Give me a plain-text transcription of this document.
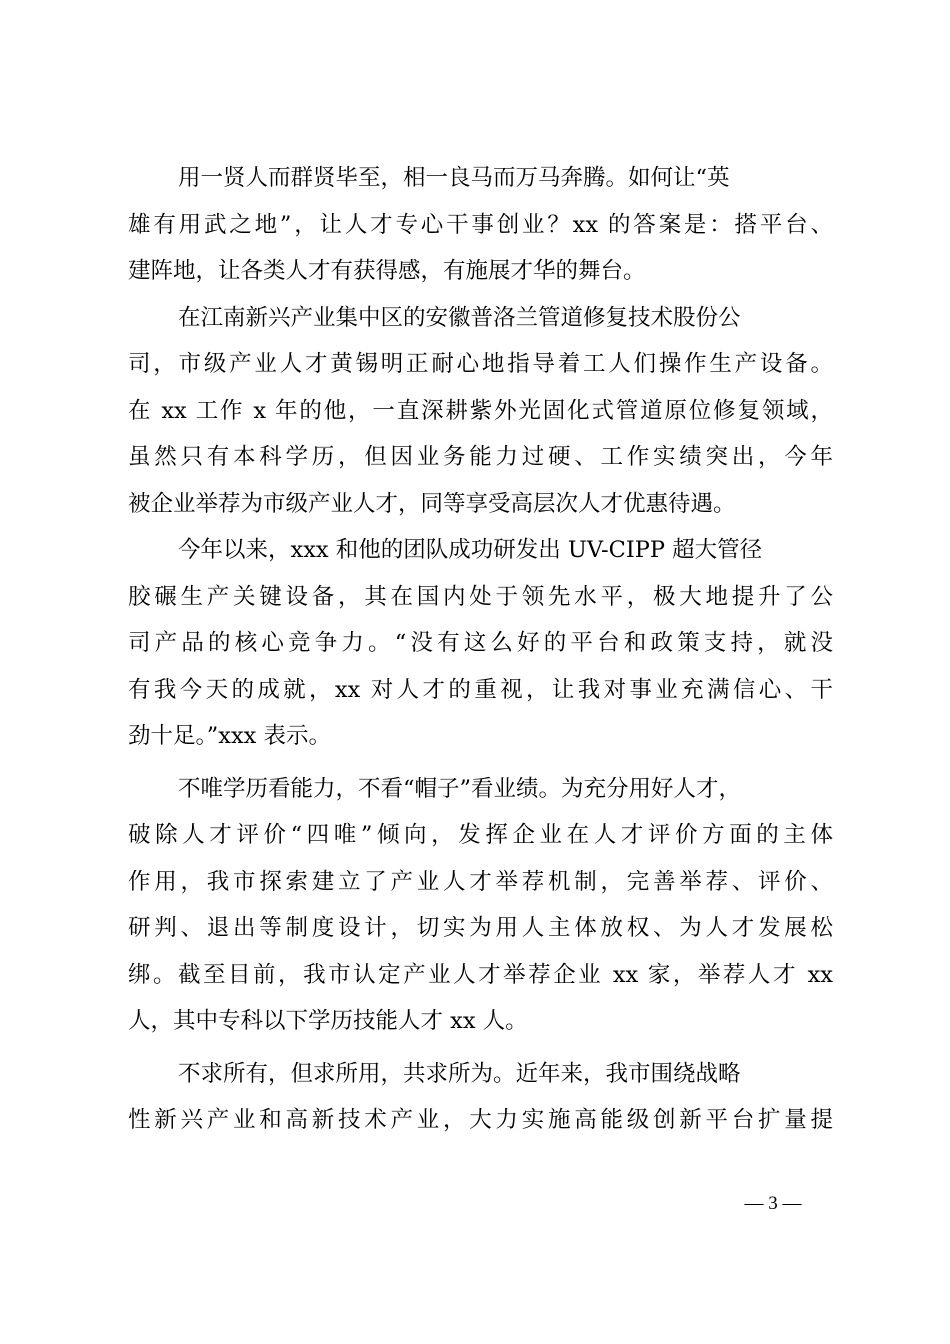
用一贤人而群贤毕至，相一良马而万马奔腾。如何让“英
雄有用武之地”，让人才专心干事创业？xx 的答案是：搭平台、
建阵地，让各类人才有获得感，有施展才华的舞台。
在江南新兴产业集中区的安徽普洛兰管道修复技术股份公
司，市级产业人才黄锡明正耐心地指导着工人们操作生产设备。
在 xx 工作 x 年的他，一直深耕紫外光固化式管道原位修复领域，
虽然只有本科学历，但因业务能力过硬、工作实绩突出，今年
被企业举荐为市级产业人才，同等享受高层次人才优惠待遇。
今年以来，xxx 和他的团队成功研发出 UV-CIPP 超大管径
胶碾生产关键设备，其在国内处于领先水平，极大地提升了公
司产品的核心竞争力。“没有这么好的平台和政策支持，就没
有我今天的成就，xx 对人才的重视，让我对事业充满信心、干
劲十足。”xxx 表示。
不唯学历看能力，不看“帽子”看业绩。为充分用好人才，
破除人才评价“四唯”倾向，发挥企业在人才评价方面的主体
作用，我市探索建立了产业人才举荐机制，完善举荐、评价、
研判、退出等制度设计，切实为用人主体放权、为人才发展松
绑。截至目前，我市认定产业人才举荐企业 xx 家，举荐人才 xx
人，其中专科以下学历技能人才 xx 人。
不求所有，但求所用，共求所为。近年来，我市围绕战略
性新兴产业和高新技术产业，大力实施高能级创新平台扩量提
— 3 —
